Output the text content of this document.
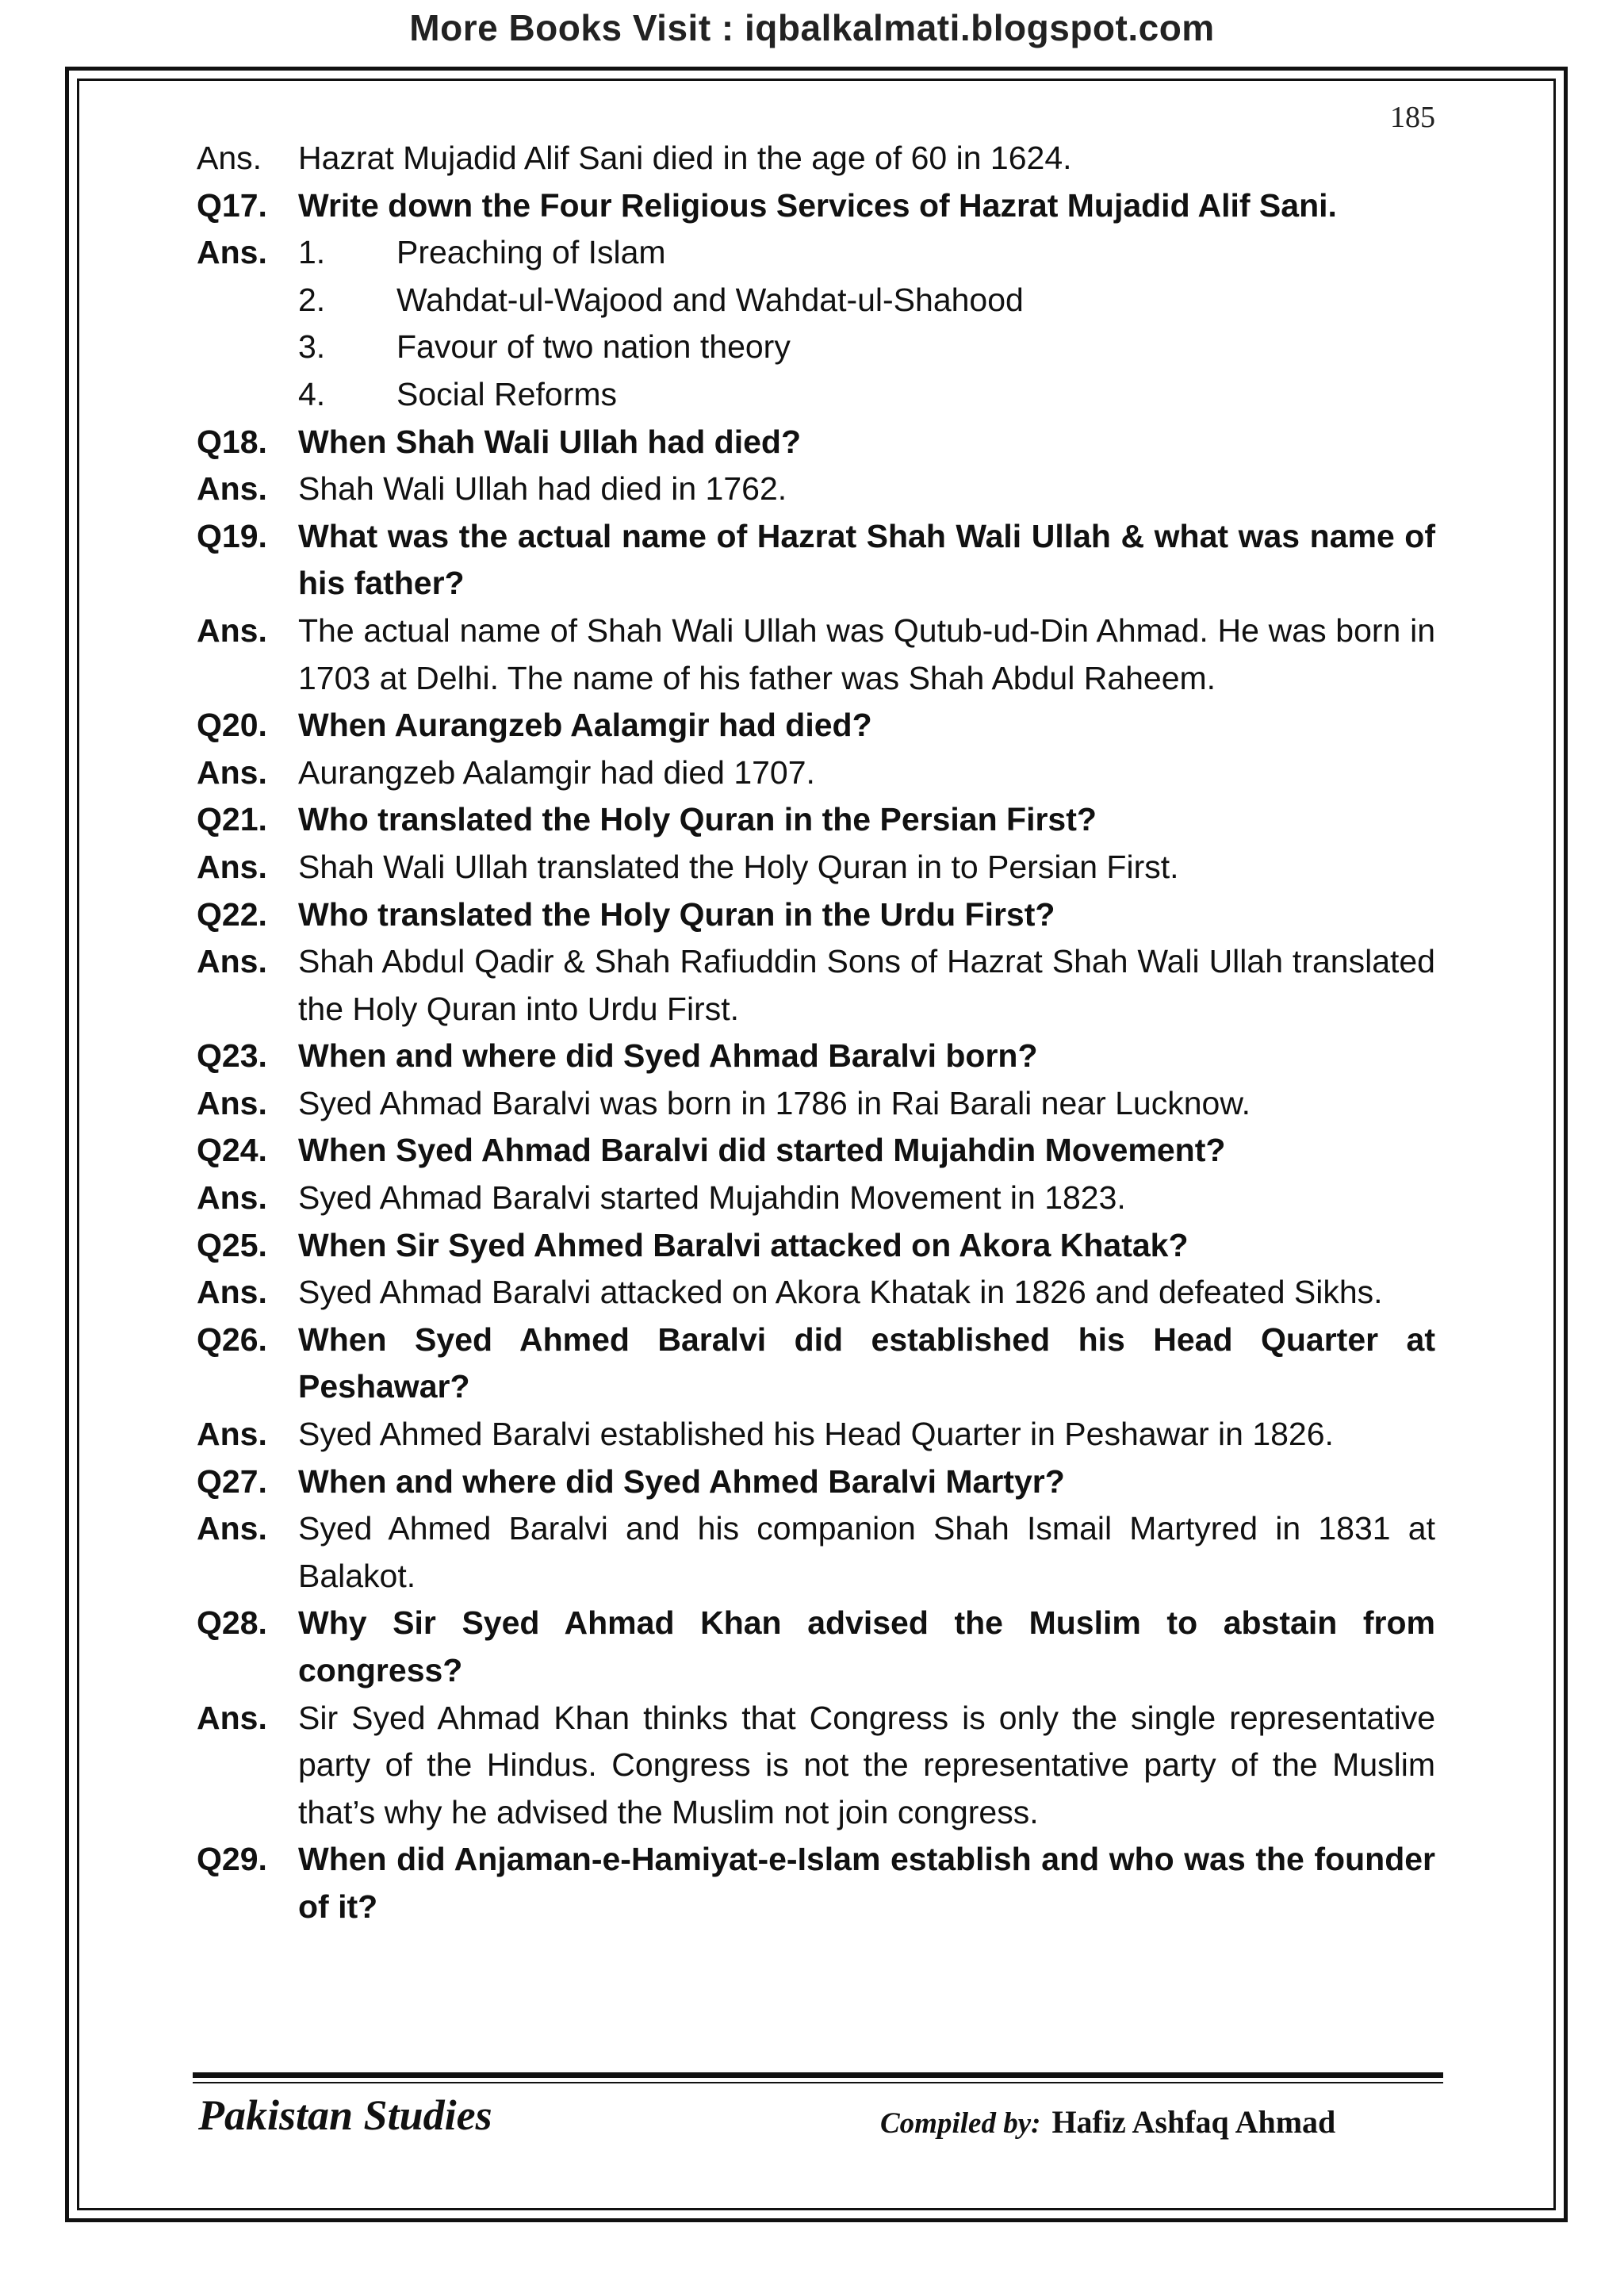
More Books Visit : iqbalkalmati.blogspot.com
185
Ans.	Hazrat Mujadid Alif Sani died in the age of 60 in 1624.
Q17. Write down the Four Religious Services of Hazrat Mujadid Alif Sani.
Ans. 1.	Preaching of Islam
2.	Wahdat-ul-Wajood and Wahdat-ul-Shahood
3.	Favour of two nation theory
4.	Social Reforms
Q18. When Shah Wali Ullah had died?
Ans. Shah Wali Ullah had died in 1762.
Q19. What was the actual name of Hazrat Shah Wali Ullah & what was name of his father?
Ans. The actual name of Shah Wali Ullah was Qutub-ud-Din Ahmad. He was born in 1703 at Delhi. The name of his father was Shah Abdul Raheem.
Q20. When Aurangzeb Aalamgir had died?
Ans. Aurangzeb Aalamgir had died 1707.
Q21. Who translated the Holy Quran in the Persian First?
Ans. Shah Wali Ullah translated the Holy Quran in to Persian First.
Q22. Who translated the Holy Quran in the Urdu First?
Ans. Shah Abdul Qadir & Shah Rafiuddin Sons of Hazrat Shah Wali Ullah translated the Holy Quran into Urdu First.
Q23. When and where did Syed Ahmad Baralvi born?
Ans. Syed Ahmad Baralvi was born in 1786 in Rai Barali near Lucknow.
Q24. When Syed Ahmad Baralvi did started Mujahdin Movement?
Ans. Syed Ahmad Baralvi started Mujahdin Movement in 1823.
Q25. When Sir Syed Ahmed Baralvi attacked on Akora Khatak?
Ans. Syed Ahmad Baralvi attacked on Akora Khatak in 1826 and defeated Sikhs.
Q26. When Syed Ahmed Baralvi did established his Head Quarter at Peshawar?
Ans. Syed Ahmed Baralvi established his Head Quarter in Peshawar in 1826.
Q27. When and where did Syed Ahmed Baralvi Martyr?
Ans. Syed Ahmed Baralvi and his companion Shah Ismail Martyred in 1831 at Balakot.
Q28. Why Sir Syed Ahmad Khan advised the Muslim to abstain from congress?
Ans. Sir Syed Ahmad Khan thinks that Congress is only the single representative party of the Hindus. Congress is not the representative party of the Muslim that’s why he advised the Muslim not join congress.
Q29. When did Anjaman-e-Hamiyat-e-Islam establish and who was the founder of it?
Pakistan Studies	Compiled by: Hafiz Ashfaq Ahmad
